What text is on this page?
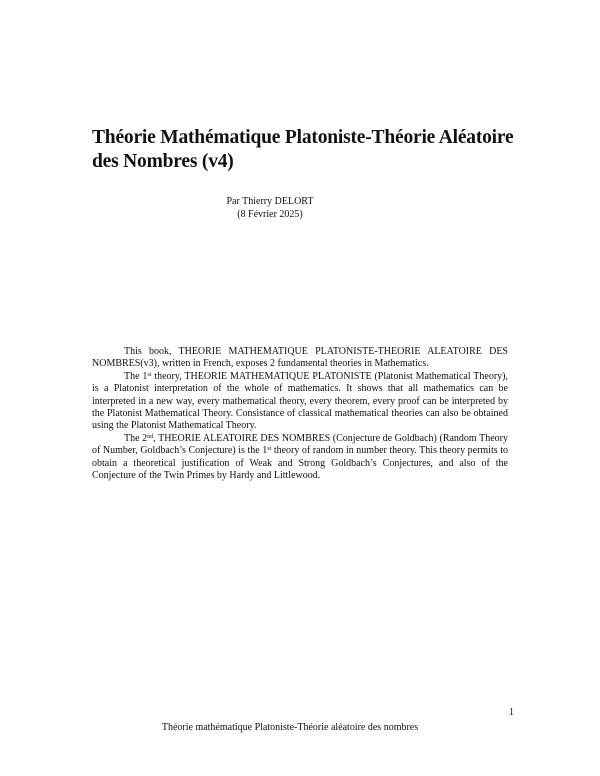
Théorie Mathématique Platoniste-Théorie Aléatoire des Nombres (v4)
Par Thierry DELORT
(8 Février 2025)

This book, THEORIE MATHEMATIQUE PLATONISTE-THEORIE ALEATOIRE DES NOMBRES(v3), written in French, exposes 2 fundamental theories in Mathematics.

The 1st theory, THEORIE MATHEMATIQUE PLATONISTE (Platonist Mathematical Theory), is a Platonist interpretation of the whole of mathematics. It shows that all mathematics can be interpreted in a new way, every mathematical theory, every theorem, every proof can be interpreted by the Platonist Mathematical Theory. Consistance of classical mathematical theories can also be obtained using the Platonist Mathematical Theory.

The 2nd, THEORIE ALEATOIRE DES NOMBRES (Conjecture de Goldbach) (Random Theory of Number, Goldbach’s Conjecture) is the 1st theory of random in number theory. This theory permits to obtain a theoretical justification of Weak and Strong Goldbach’s Conjectures, and also of the Conjecture of the Twin Primes by Hardy and Littlewood.

1
Théorie mathématique Platoniste-Théorie aléatoire des nombres
